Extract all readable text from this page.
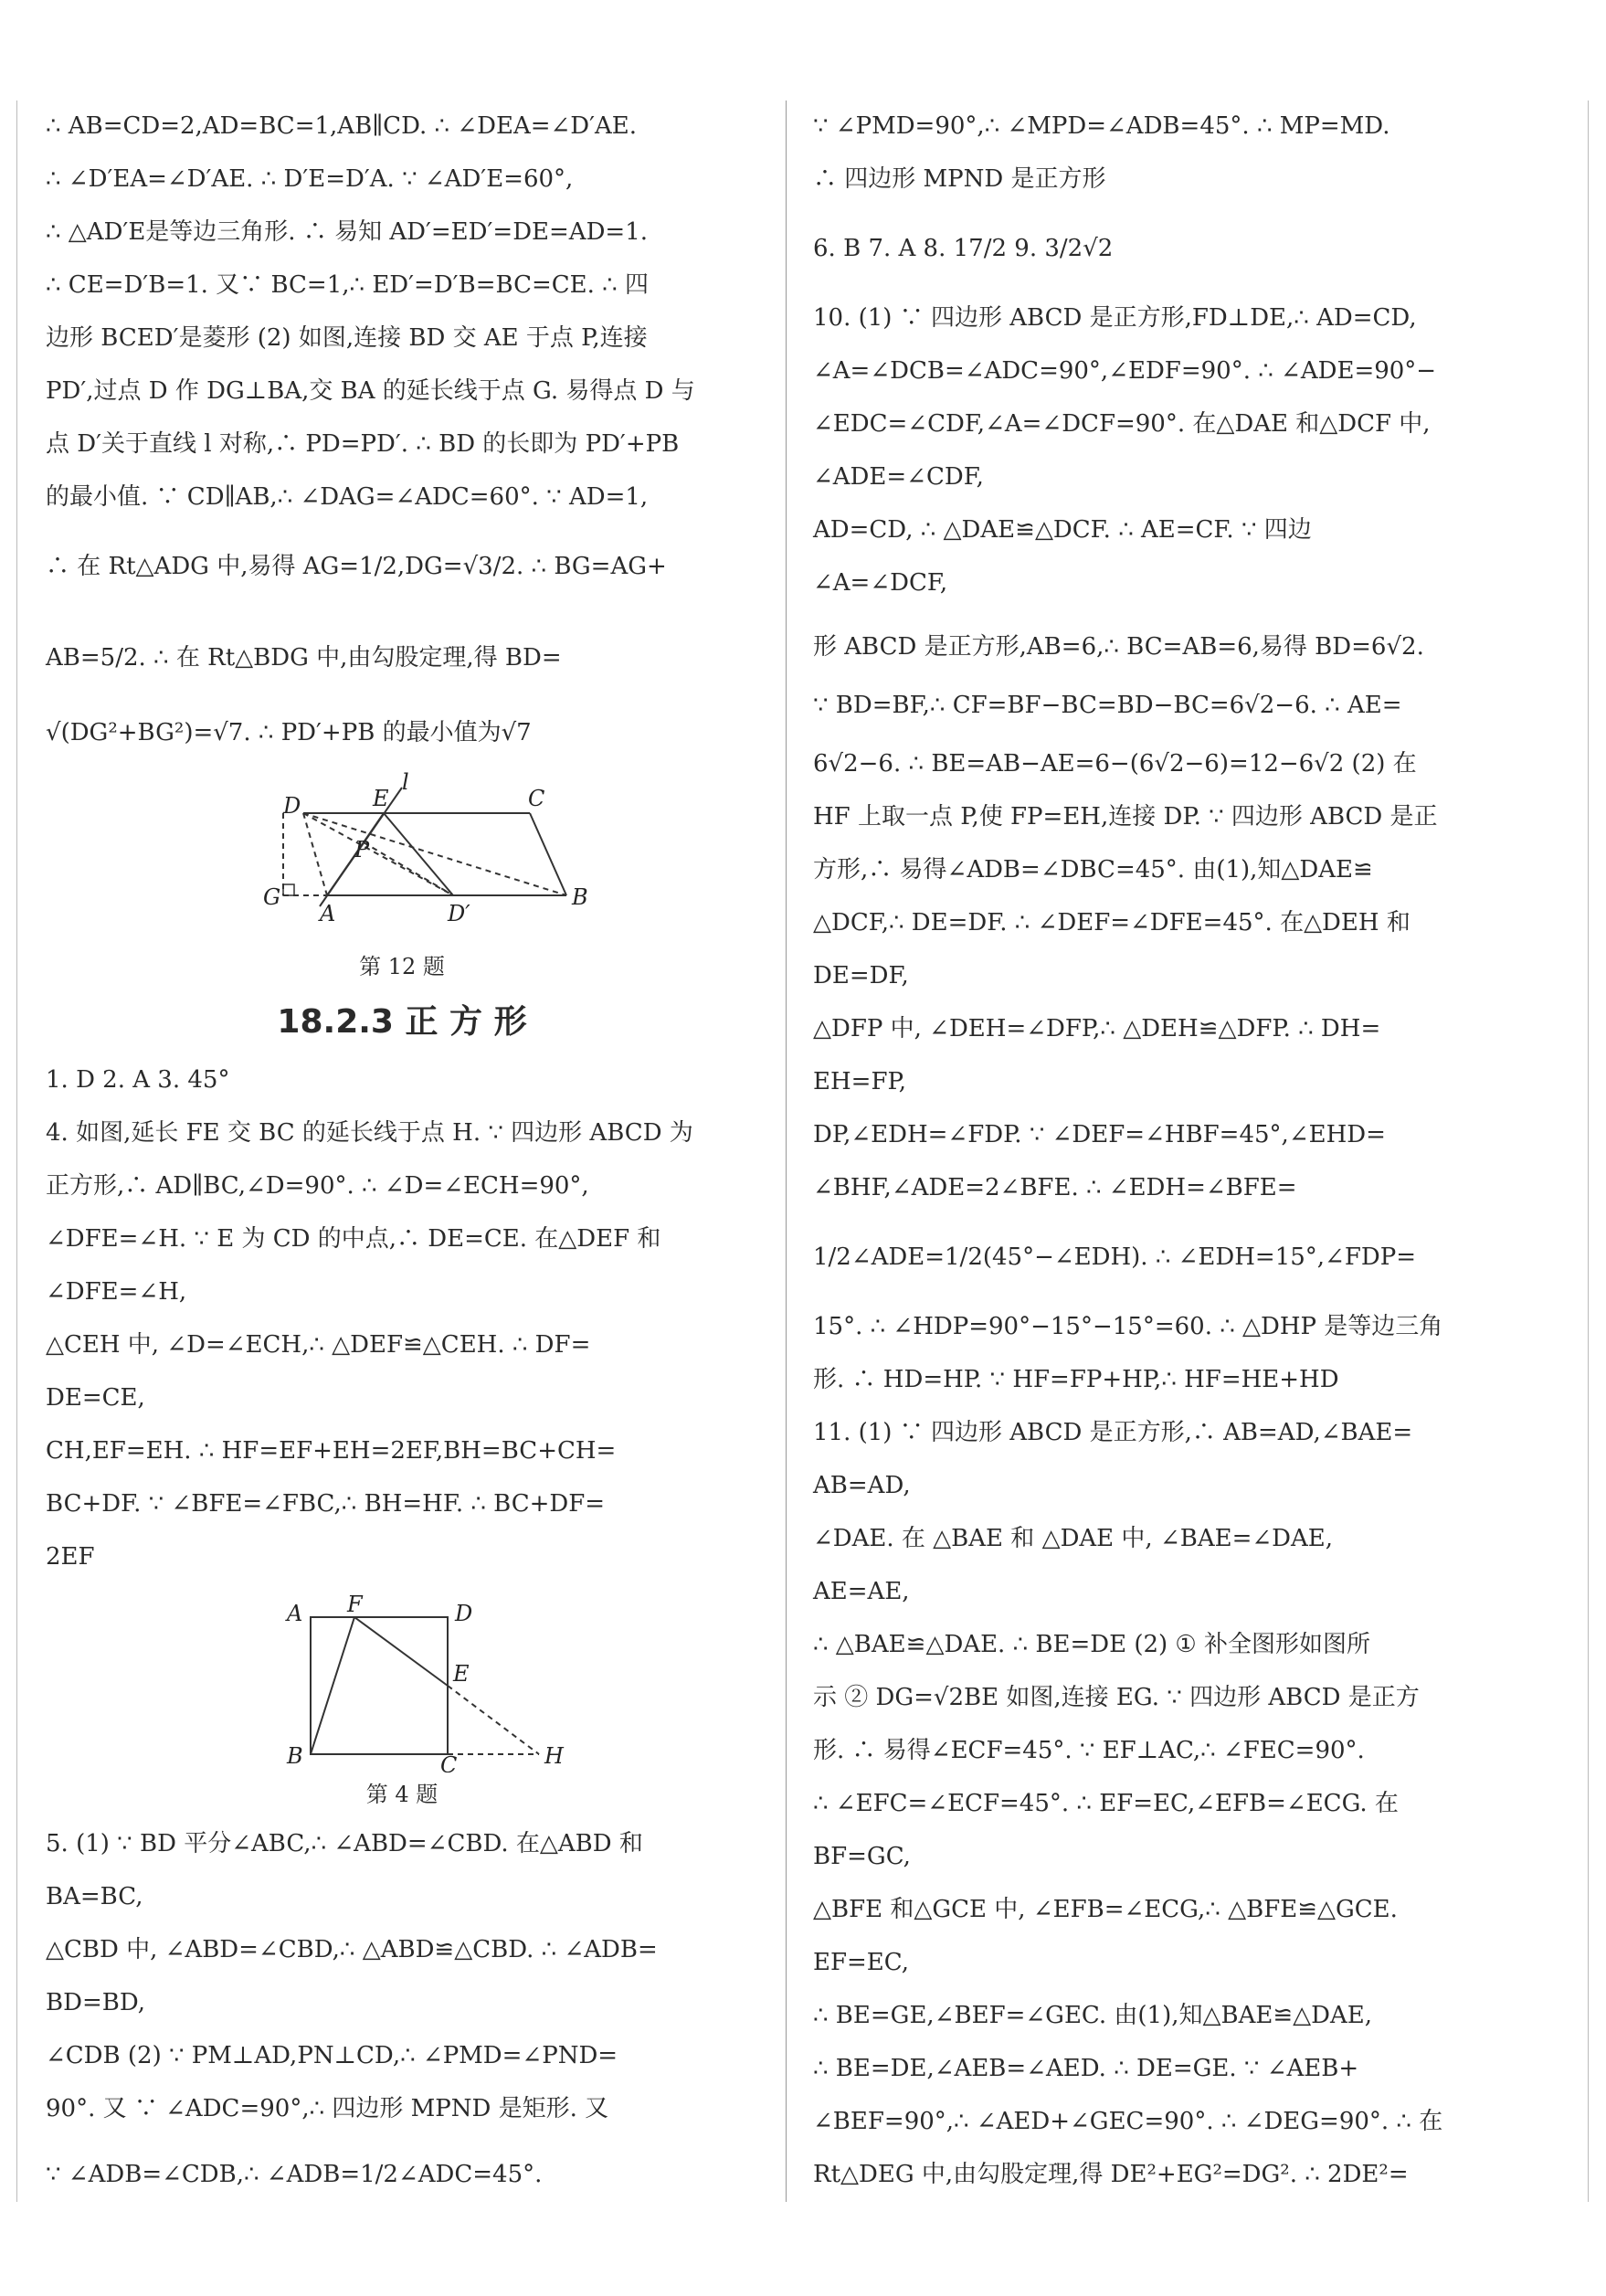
∴ AB=CD=2,AD=BC=1,AB∥CD. ∴ ∠DEA=∠D′AE.
∴ ∠D′EA=∠D′AE. ∴ D′E=D′A. ∵ ∠AD′E=60°,
∴ △AD′E是等边三角形. ∴ 易知 AD′=ED′=DE=AD=1.
∴ CE=D′B=1. 又∵ BC=1,∴ ED′=D′B=BC=CE. ∴ 四
边形 BCED′是菱形 (2) 如图,连接 BD 交 AE 于点 P,连接
PD′,过点 D 作 DG⊥BA,交 BA 的延长线于点 G. 易得点 D 与
点 D′关于直线 l 对称,∴ PD=PD′. ∴ BD 的长即为 PD′+PB
的最小值. ∵ CD∥AB,∴ ∠DAG=∠ADC=60°. ∵ AD=1,
∴ 在 Rt△ADG 中,易得 AG=1/2,DG=√3/2. ∴ BG=AG+
AB=5/2. ∴ 在 Rt△BDG 中,由勾股定理,得 BD=
√(DG²+BG²)=√7. ∴ PD′+PB 的最小值为√7
D	E
l
C
P
G
A	D′
B
第 12 题
18.2.3 正 方 形
1. D 2. A 3. 45°
4. 如图,延长 FE 交 BC 的延长线于点 H. ∵ 四边形 ABCD 为
正方形,∴ AD∥BC,∠D=90°. ∴ ∠D=∠ECH=90°,
∠DFE=∠H. ∵ E 为 CD 的中点,∴ DE=CE. 在△DEF 和
∠DFE=∠H,
△CEH 中, ∠D=∠ECH,∴ △DEF≌△CEH. ∴ DF=
DE=CE,
CH,EF=EH. ∴ HF=EF+EH=2EF,BH=BC+CH=
BC+DF. ∵ ∠BFE=∠FBC,∴ BH=HF. ∴ BC+DF=
2EF
A F	D
E
B	C	H
第 4 题
5. (1) ∵ BD 平分∠ABC,∴ ∠ABD=∠CBD. 在△ABD 和
BA=BC,
△CBD 中, ∠ABD=∠CBD,∴ △ABD≌△CBD. ∴ ∠ADB=
BD=BD,
∠CDB (2) ∵ PM⊥AD,PN⊥CD,∴ ∠PMD=∠PND=
90°. 又 ∵ ∠ADC=90°,∴ 四边形 MPND 是矩形. 又
∵ ∠ADB=∠CDB,∴ ∠ADB=1/2∠ADC=45°.
∵ ∠PMD=90°,∴ ∠MPD=∠ADB=45°. ∴ MP=MD.
∴ 四边形 MPND 是正方形
6. B 7. A 8. 17/2 9. 3/2√2
10. (1) ∵ 四边形 ABCD 是正方形,FD⊥DE,∴ AD=CD,
∠A=∠DCB=∠ADC=90°,∠EDF=90°. ∴ ∠ADE=90°−
∠EDC=∠CDF,∠A=∠DCF=90°. 在△DAE 和△DCF 中,
∠ADE=∠CDF,
AD=CD, ∴ △DAE≌△DCF. ∴ AE=CF. ∵ 四边
∠A=∠DCF,
形 ABCD 是正方形,AB=6,∴ BC=AB=6,易得 BD=6√2.
∵ BD=BF,∴ CF=BF−BC=BD−BC=6√2−6. ∴ AE=
6√2−6. ∴ BE=AB−AE=6−(6√2−6)=12−6√2 (2) 在
HF 上取一点 P,使 FP=EH,连接 DP. ∵ 四边形 ABCD 是正
方形,∴ 易得∠ADB=∠DBC=45°. 由(1),知△DAE≌
△DCF,∴ DE=DF. ∴ ∠DEF=∠DFE=45°. 在△DEH 和
DE=DF,
△DFP 中, ∠DEH=∠DFP,∴ △DEH≌△DFP. ∴ DH=
EH=FP,
DP,∠EDH=∠FDP. ∵ ∠DEF=∠HBF=45°,∠EHD=
∠BHF,∠ADE=2∠BFE. ∴ ∠EDH=∠BFE=
1/2∠ADE=1/2(45°−∠EDH). ∴ ∠EDH=15°,∠FDP=
15°. ∴ ∠HDP=90°−15°−15°=60. ∴ △DHP 是等边三角
形. ∴ HD=HP. ∵ HF=FP+HP,∴ HF=HE+HD
11. (1) ∵ 四边形 ABCD 是正方形,∴ AB=AD,∠BAE=
AB=AD,
∠DAE. 在 △BAE 和 △DAE 中, ∠BAE=∠DAE,
AE=AE,
∴ △BAE≌△DAE. ∴ BE=DE (2) ① 补全图形如图所
示 ② DG=√2BE 如图,连接 EG. ∵ 四边形 ABCD 是正方
形. ∴ 易得∠ECF=45°. ∵ EF⊥AC,∴ ∠FEC=90°.
∴ ∠EFC=∠ECF=45°. ∴ EF=EC,∠EFB=∠ECG. 在
BF=GC,
△BFE 和△GCE 中, ∠EFB=∠ECG,∴ △BFE≌△GCE.
EF=EC,
∴ BE=GE,∠BEF=∠GEC. 由(1),知△BAE≌△DAE,
∴ BE=DE,∠AEB=∠AED. ∴ DE=GE. ∵ ∠AEB+
∠BEF=90°,∴ ∠AED+∠GEC=90°. ∴ ∠DEG=90°. ∴ 在
Rt△DEG 中,由勾股定理,得 DE²+EG²=DG². ∴ 2DE²=
